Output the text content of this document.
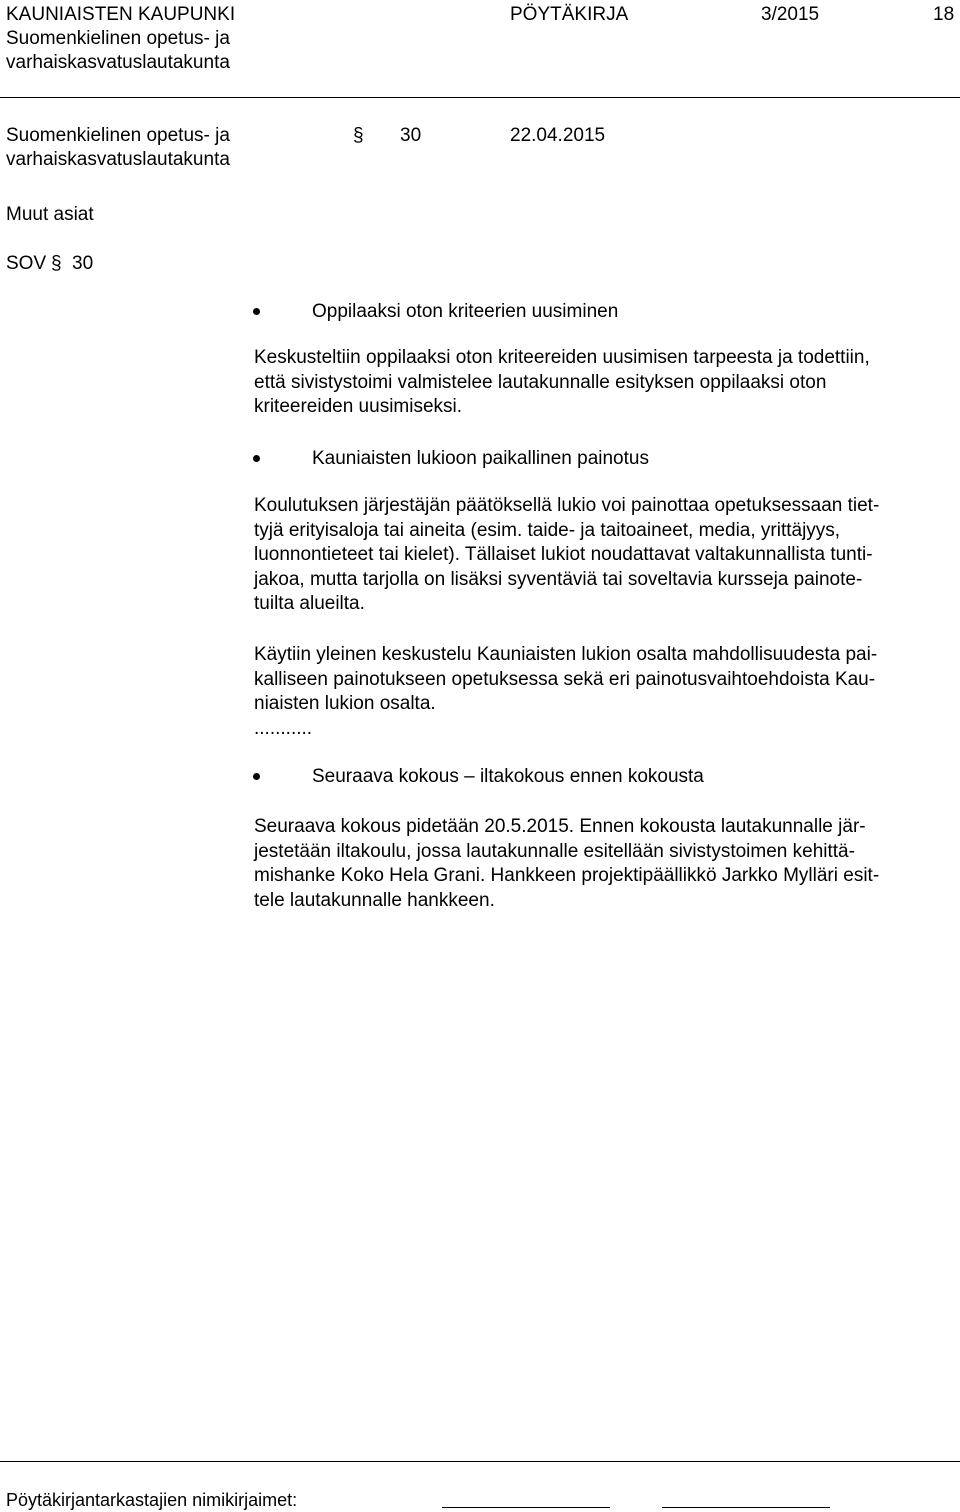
KAUNIAISTEN KAUPUNKI
Suomenkielinen opetus- ja
varhaiskasvatuslautakunta
PÖYTÄKIRJA	3/2015	18
Suomenkielinen opetus- ja
varhaiskasvatuslautakunta
§ 30	22.04.2015
Muut asiat
SOV § 30
Oppilaaksi oton kriteerien uusiminen
Keskusteltiin oppilaaksi oton kriteereiden uusimisen tarpeesta ja todettiin,
että sivistystoimi valmistelee lautakunnalle esityksen oppilaaksi oton
kriteereiden uusimiseksi.
Kauniaisten lukioon paikallinen painotus
Koulutuksen järjestäjän päätöksellä lukio voi painottaa opetuksessaan tiet-
tyjä erityisaloja tai aineita (esim. taide- ja taitoaineet, media, yrittäjyys,
luonnontieteet tai kielet). Tällaiset lukiot noudattavat valtakunnallista tunti-
jakoa, mutta tarjolla on lisäksi syventäviä tai soveltavia kursseja painote-
tuilta alueilta.
Käytiin yleinen keskustelu Kauniaisten lukion osalta mahdollisuudesta pai-
kalliseen painotukseen opetuksessa sekä eri painotusvaihtoehdoista Kau-
niaisten lukion osalta.
...........
Seuraava kokous – iltakokous ennen kokousta
Seuraava kokous pidetään 20.5.2015. Ennen kokousta lautakunnalle jär-
jestetään iltakoulu, jossa lautakunnalle esitellään sivistystoimen kehittä-
mishanke Koko Hela Grani. Hankkeen projektipäällikkö Jarkko Mylläri esit-
tele lautakunnalle hankkeen.
Pöytäkirjantarkastajien nimikirjaimet:
